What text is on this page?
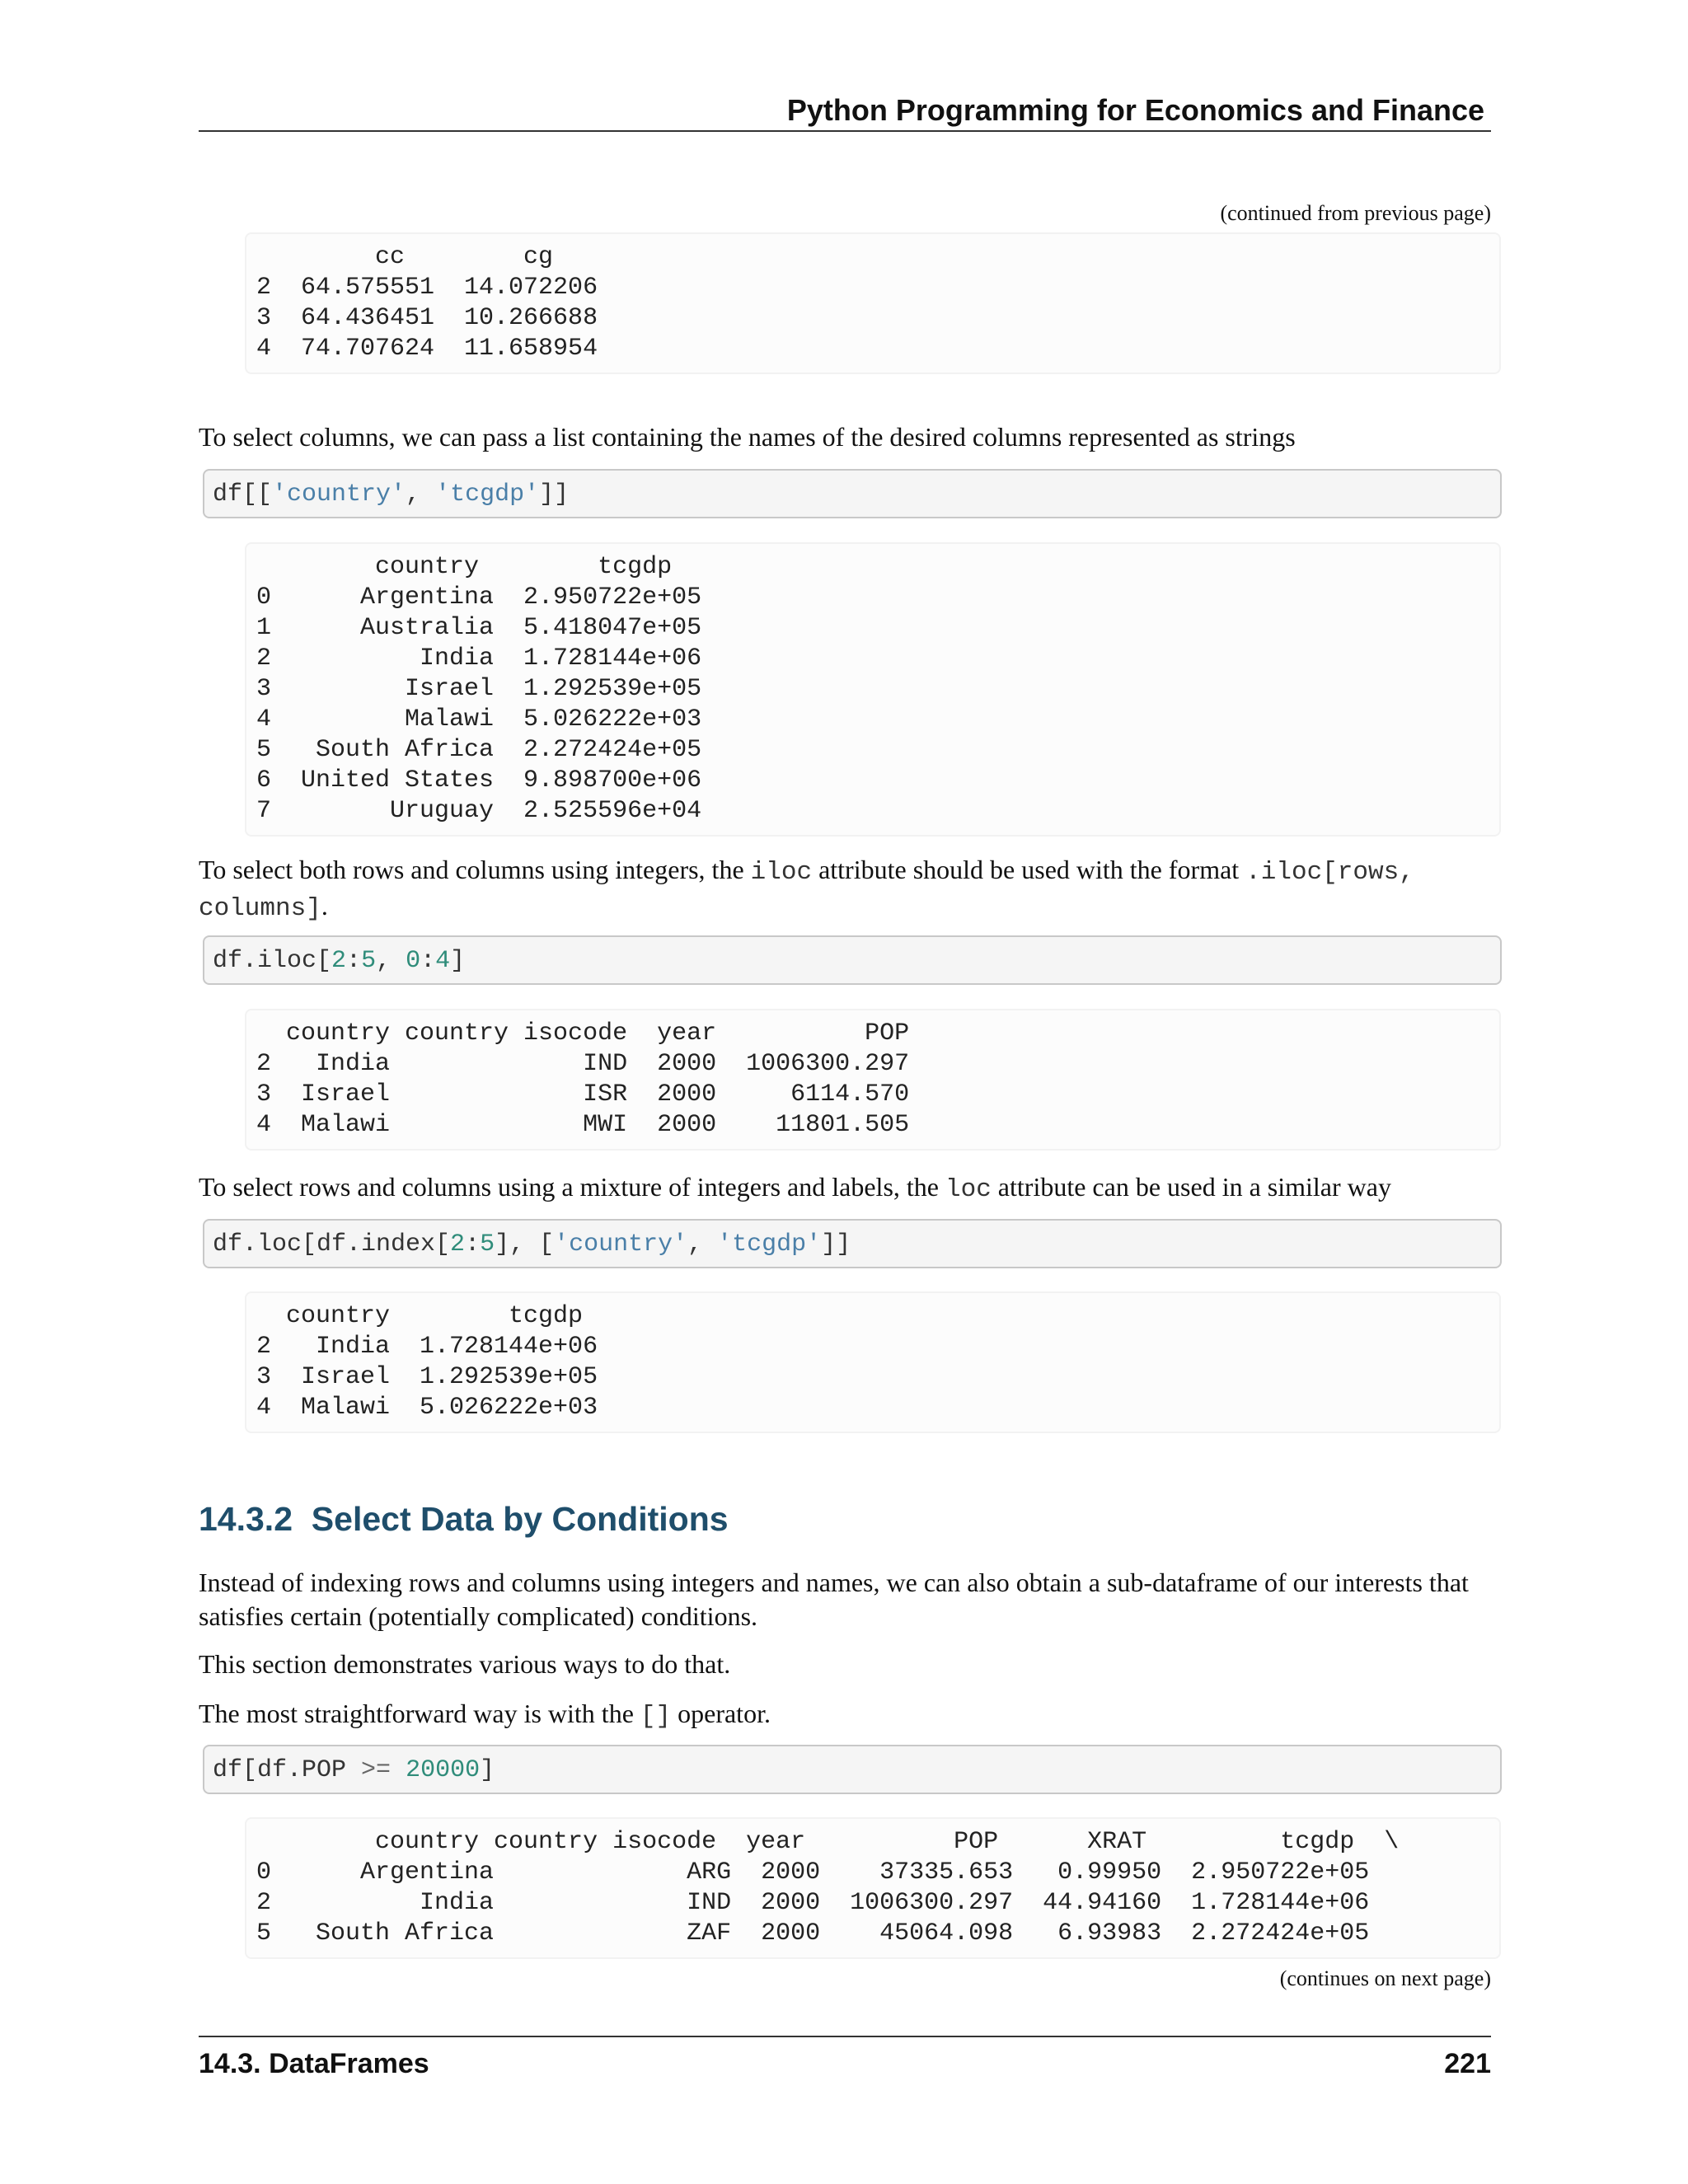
Python Programming for Economics and Finance
(continued from previous page)
cc        cg
2  64.575551  14.072206
3  64.436451  10.266688
4  74.707624  11.658954

To select columns, we can pass a list containing the names of the desired columns represented as strings

df[['country', 'tcgdp']]
country        tcgdp
0      Argentina  2.950722e+05
1      Australia  5.418047e+05
2          India  1.728144e+06
3         Israel  1.292539e+05
4         Malawi  5.026222e+03
5   South Africa  2.272424e+05
6  United States  9.898700e+06
7        Uruguay  2.525596e+04

To select both rows and columns using integers, the iloc attribute should be used with the format .iloc[rows, columns].

df.iloc[2:5, 0:4]
country country isocode  year          POP
2   India             IND  2000  1006300.297
3  Israel             ISR  2000     6114.570
4  Malawi             MWI  2000    11801.505

To select rows and columns using a mixture of integers and labels, the loc attribute can be used in a similar way

df.loc[df.index[2:5], ['country', 'tcgdp']]
country        tcgdp
2   India  1.728144e+06
3  Israel  1.292539e+05
4  Malawi  5.026222e+03
14.3.2 Select Data by Conditions

Instead of indexing rows and columns using integers and names, we can also obtain a sub-dataframe of our interests that satisfies certain (potentially complicated) conditions.

This section demonstrates various ways to do that.

The most straightforward way is with the [] operator.

df[df.POP >= 20000]
country country isocode  year          POP      XRAT         tcgdp  \
0      Argentina             ARG  2000    37335.653   0.99950  2.950722e+05
2          India             IND  2000  1006300.297  44.94160  1.728144e+06
5   South Africa             ZAF  2000    45064.098   6.93983  2.272424e+05
(continues on next page)
14.3. DataFrames	221
